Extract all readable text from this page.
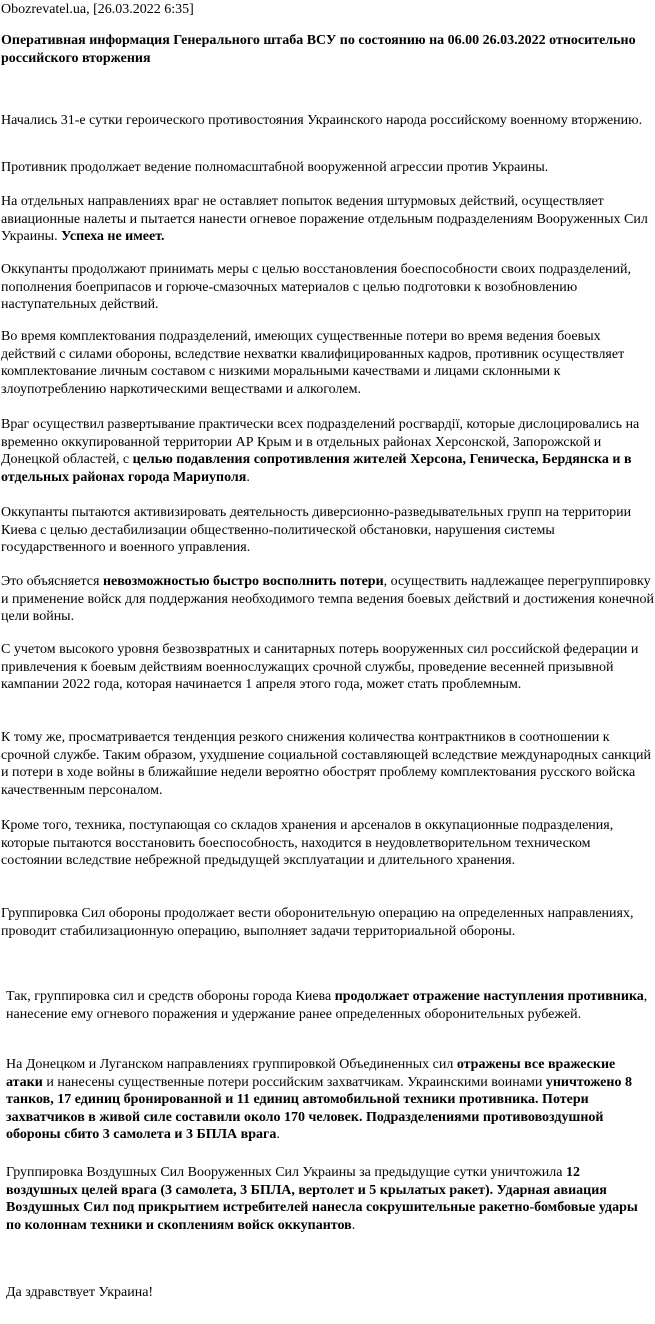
Obozrevatel.ua, [26.03.2022 6:35]

Оперативная информация Генерального штаба ВСУ по состоянию на 06.00 26.03.2022 относительно российского вторжения

Начались 31-е сутки героического противостояния Украинского народа российскому военному вторжению.

Противник продолжает ведение полномасштабной вооруженной агрессии против Украины.

На отдельных направлениях враг не оставляет попыток ведения штурмовых действий, осуществляет авиационные налеты и пытается нанести огневое поражение отдельным подразделениям Вооруженных Сил Украины. Успеха не имеет.

Оккупанты продолжают принимать меры с целью восстановления боеспособности своих подразделений, пополнения боеприпасов и горюче-смазочных материалов с целью подготовки к возобновлению наступательных действий.

Во время комплектования подразделений, имеющих существенные потери во время ведения боевых действий с силами обороны, вследствие нехватки квалифицированных кадров, противник осуществляет комплектование личным составом с низкими моральными качествами и лицами склонными к злоупотреблению наркотическими веществами и алкоголем.

Враг осуществил развертывание практически всех подразделений росгвардії, которые дислоцировались на временно оккупированной территории АР Крым и в отдельных районах Херсонской, Запорожской и Донецкой областей, с целью подавления сопротивления жителей Херсона, Геническа, Бердянска и в отдельных районах города Мариуполя.

Оккупанты пытаются активизировать деятельность диверсионно-разведывательных групп на территории Киева с целью дестабилизации общественно-политической обстановки, нарушения системы государственного и военного управления.

Это объясняется невозможностью быстро восполнить потери, осуществить надлежащее перегруппировку и применение войск для поддержания необходимого темпа ведения боевых действий и достижения конечной цели войны.

С учетом высокого уровня безвозвратных и санитарных потерь вооруженных сил российской федерации и привлечения к боевым действиям военнослужащих срочной службы, проведение весенней призывной кампании 2022 года, которая начинается 1 апреля этого года, может стать проблемным.

К тому же, просматривается тенденция резкого снижения количества контрактников в соотношении к срочной службе. Таким образом, ухудшение социальной составляющей вследствие международных санкций и потери в ходе войны в ближайшие недели вероятно обострят проблему комплектования русского войска качественным персоналом.

Кроме того, техника, поступающая со складов хранения и арсеналов в оккупационные подразделения, которые пытаются восстановить боеспособность, находится в неудовлетворительном техническом состоянии вследствие небрежной предыдущей эксплуатации и длительного хранения.

Группировка Сил обороны продолжает вести оборонительную операцию на определенных направлениях, проводит стабилизационную операцию, выполняет задачи территориальной обороны.

Так, группировка сил и средств обороны города Киева продолжает отражение наступления противника, нанесение ему огневого поражения и удержание ранее определенных оборонительных рубежей.

На Донецком и Луганском направлениях группировкой Объединенных сил отражены все вражеские атаки и нанесены существенные потери российским захватчикам. Украинскими воинами уничтожено 8 танков, 17 единиц бронированной и 11 единиц автомобильной техники противника. Потери захватчиков в живой силе составили около 170 человек. Подразделениями противовоздушной обороны сбито 3 самолета и 3 БПЛА врага.

Группировка Воздушных Сил Вооруженных Сил Украины за предыдущие сутки уничтожила 12 воздушных целей врага (3 самолета, 3 БПЛА, вертолет и 5 крылатых ракет). Ударная авиация Воздушных Сил под прикрытием истребителей нанесла сокрушительные ракетно-бомбовые удары по колоннам техники и скоплениям войск оккупантов.

Да здравствует Украина!
